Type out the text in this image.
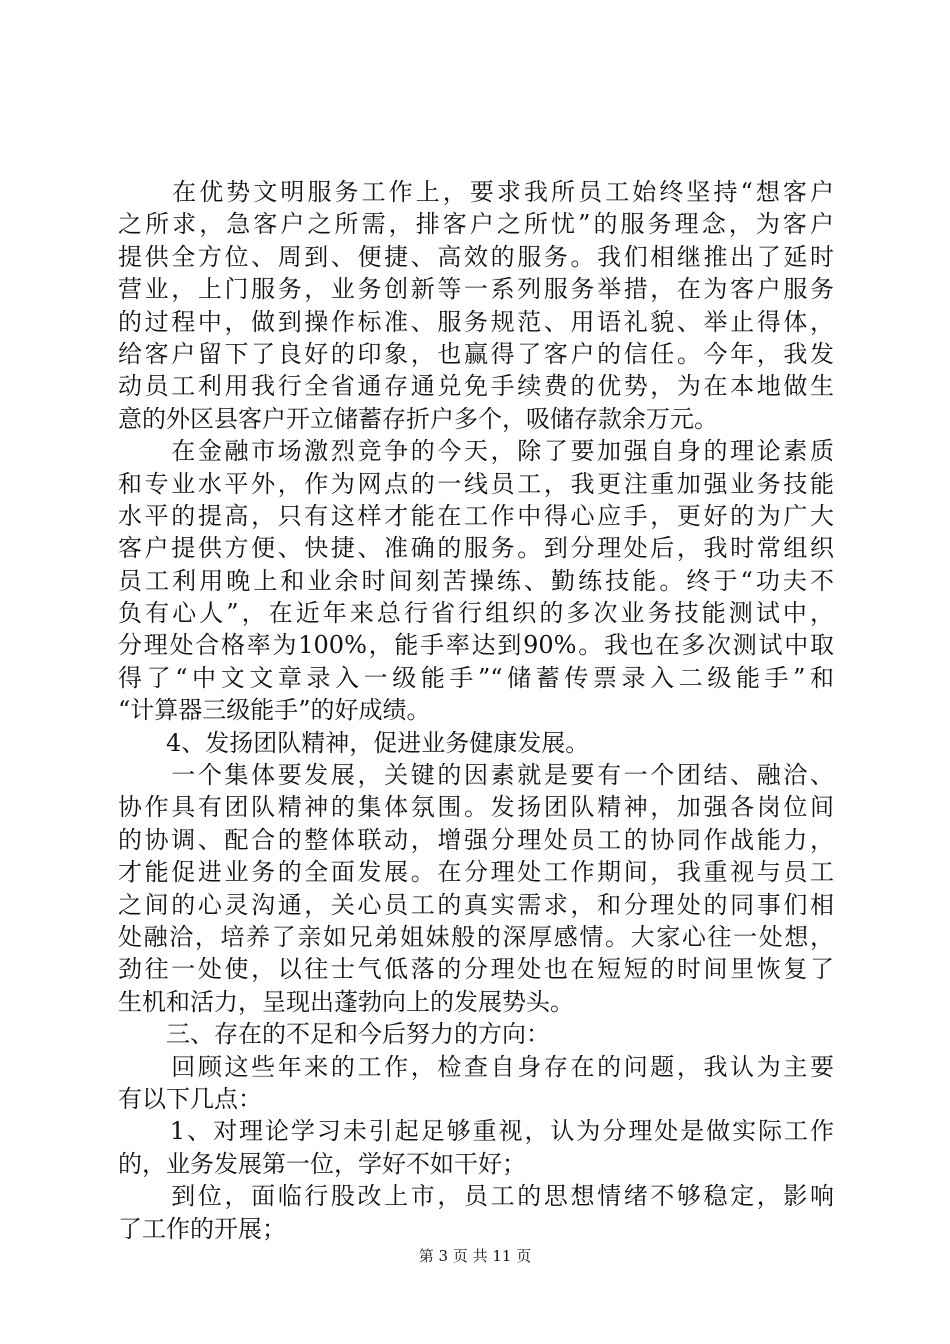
　　在优势文明服务工作上，要求我所员工始终坚持“想客户
之所求，急客户之所需，排客户之所忧”的服务理念，为客户
提供全方位、周到、便捷、高效的服务。我们相继推出了延时
营业，上门服务，业务创新等一系列服务举措，在为客户服务
的过程中，做到操作标准、服务规范、用语礼貌、举止得体，
给客户留下了良好的印象，也赢得了客户的信任。今年，我发
动员工利用我行全省通存通兑免手续费的优势，为在本地做生
意的外区县客户开立储蓄存折户多个，吸储存款余万元。
　　在金融市场激烈竞争的今天，除了要加强自身的理论素质
和专业水平外，作为网点的一线员工，我更注重加强业务技能
水平的提高，只有这样才能在工作中得心应手，更好的为广大
客户提供方便、快捷、准确的服务。到分理处后，我时常组织
员工利用晚上和业余时间刻苦操练、勤练技能。终于“功夫不
负有心人”，在近年来总行省行组织的多次业务技能测试中，
分理处合格率为100%，能手率达到90%。我也在多次测试中取
得了“中文文章录入一级能手”“储蓄传票录入二级能手”和
“计算器三级能手”的好成绩。
　　4、发扬团队精神，促进业务健康发展。
　　一个集体要发展，关键的因素就是要有一个团结、融洽、
协作具有团队精神的集体氛围。发扬团队精神，加强各岗位间
的协调、配合的整体联动，增强分理处员工的协同作战能力，
才能促进业务的全面发展。在分理处工作期间，我重视与员工
之间的心灵沟通，关心员工的真实需求，和分理处的同事们相
处融洽，培养了亲如兄弟姐妹般的深厚感情。大家心往一处想，
劲往一处使，以往士气低落的分理处也在短短的时间里恢复了
生机和活力，呈现出蓬勃向上的发展势头。
　　三、存在的不足和今后努力的方向：
　　回顾这些年来的工作，检查自身存在的问题，我认为主要
有以下几点：
　　1、对理论学习未引起足够重视，认为分理处是做实际工作
的，业务发展第一位，学好不如干好；
　　到位，面临行股改上市，员工的思想情绪不够稳定，影响
了工作的开展；
第 3 页 共 11 页
